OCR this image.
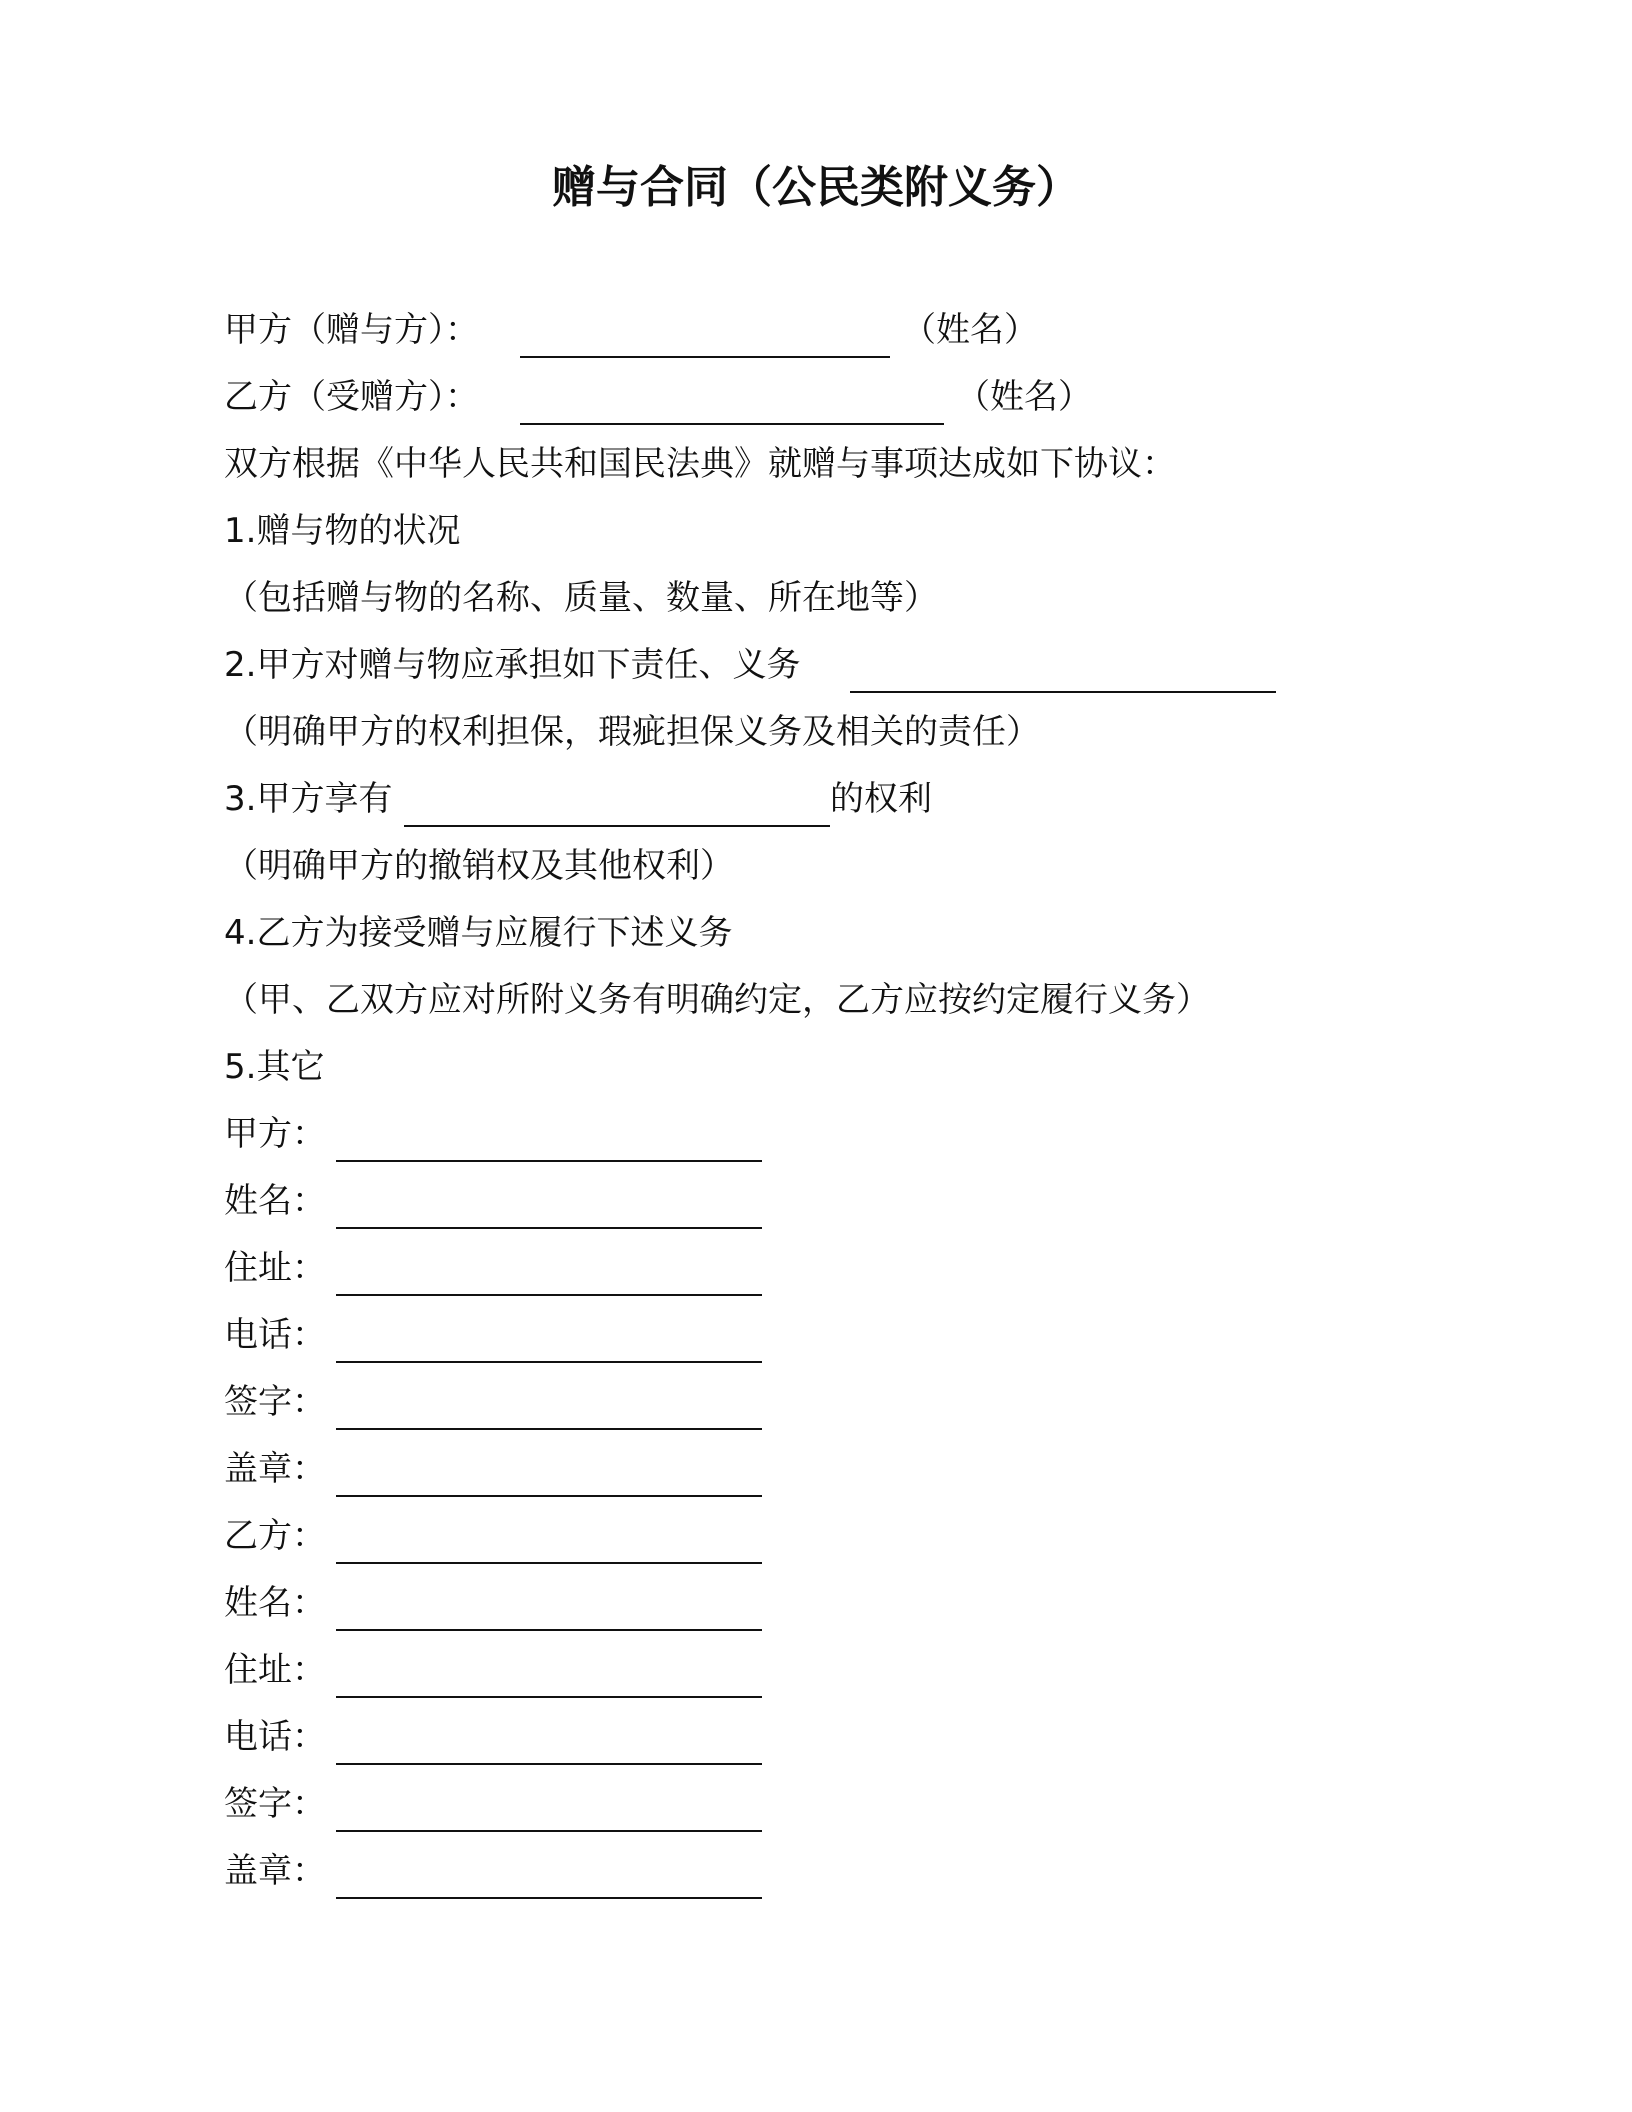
赠与合同（公民类附义务）
甲方（赠与方）：	（姓名）
乙方（受赠方）：	（姓名）
双方根据《中华人民共和国民法典》就赠与事项达成如下协议：
1.赠与物的状况
（包括赠与物的名称、质量、数量、所在地等）
2.甲方对赠与物应承担如下责任、义务
（明确甲方的权利担保，瑕疵担保义务及相关的责任）
3.甲方享有	的权利
（明确甲方的撤销权及其他权利）
4.乙方为接受赠与应履行下述义务
（甲、乙双方应对所附义务有明确约定，乙方应按约定履行义务）
5.其它
甲方：
姓名：
住址：
电话：
签字：
盖章：
乙方：
姓名：
住址：
电话：
签字：
盖章：
